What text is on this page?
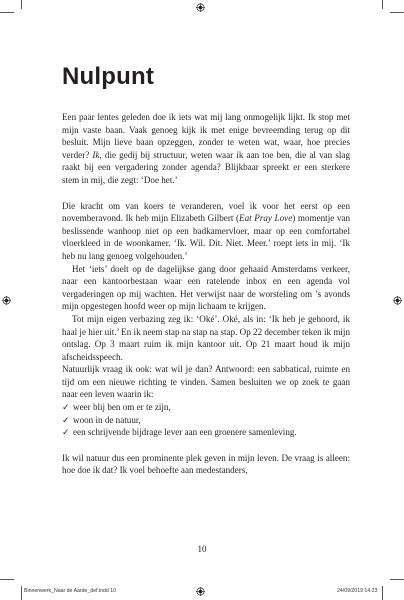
Nulpunt

Een paar lentes geleden doe ik iets wat mij lang onmogelijk lijkt. Ik stop met mijn vaste baan. Vaak genoeg kijk ik met enige bevreemding terug op dit besluit. Mijn lieve baan opzeggen, zonder te weten wat, waar, hoe precies verder? Ik, die gedij bij structuur, weten waar ik aan toe ben, die al van slag raakt bij een vergadering zonder agenda? Blijkbaar spreekt er een sterkere stem in mij, die zegt: ‘Doe het.’

Die kracht om van koers te veranderen, voel ik voor het eerst op een novemberavond. Ik heb mijn Elizabeth Gilbert (Eat Pray Love) momentje van beslissende wanhoop niet op een badkamervloer, maar op een comfortabel vloerkleed in de woonkamer. ‘Ik. Wil. Dit. Niet. Meer.’ roept iets in mij. ‘Ik heb nu lang genoeg volgehouden.’

Het ‘iets’ doelt op de dagelijkse gang door gehaaid Amsterdams verkeer, naar een kantoorbestaan waar een ratelende inbox en een agenda vol vergaderingen op mij wachten. Het verwijst naar de worsteling om ’s avonds mijn opgestegen hoofd weer op mijn lichaam te krijgen.

Tot mijn eigen verbazing zeg ik: ‘Oké’. Oké, als in: ‘Ik heb je gehoord, ik haal je hier uit.’ En ik neem stap na stap na stap. Op 22 december teken ik mijn ontslag. Op 3 maart ruim ik mijn kantoor uit. Op 21 maart houd ik mijn afscheidsspeech.

Natuurlijk vraag ik ook: wat wil je dan? Antwoord: een sabbatical, ruimte en tijd om een nieuwe richting te vinden. Samen besluiten we op zoek te gaan naar een leven waarin ik:

✓ weer blij ben om er te zijn,
✓ woon in de natuur,
✓ een schrijvende bijdrage lever aan een groenere samenleving.

Ik wil natuur dus een prominente plek geven in mijn leven. De vraag is alleen: hoe doe ik dat? Ik voel behoefte aan medestanders,

10
Binnenwerk_Naar de Aarde_def.indd 10	24/09/2019 14:23
